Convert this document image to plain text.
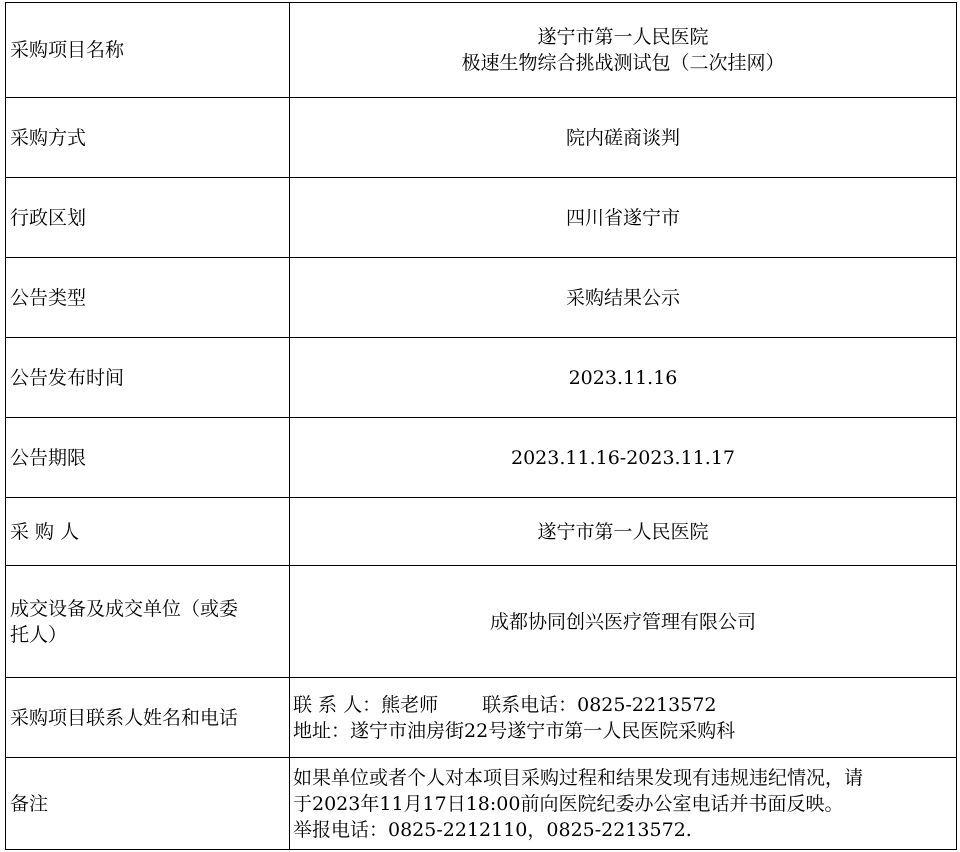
采购项目名称	遂宁市第一人民医院
极速生物综合挑战测试包（二次挂网）

采购方式	院内磋商谈判
行政区划	四川省遂宁市
公告类型	采购结果公示
公告发布时间	2023.11.16
公告期限	2023.11.16-2023.11.17
采 购 人	遂宁市第一人民医院

成交设备及成交单位（或委
托人）	成都协同创兴医疗管理有限公司
采购项目联系人姓名和电话	联 系 人：熊老师 联系电话：0825-2213572
地址：遂宁市油房街22号遂宁市第一人民医院采购科

备注	如果单位或者个人对本项目采购过程和结果发现有违规违纪情况，请
于2023年11月17日18:00前向医院纪委办公室电话并书面反映。
举报电话：0825-2212110，0825-2213572.
